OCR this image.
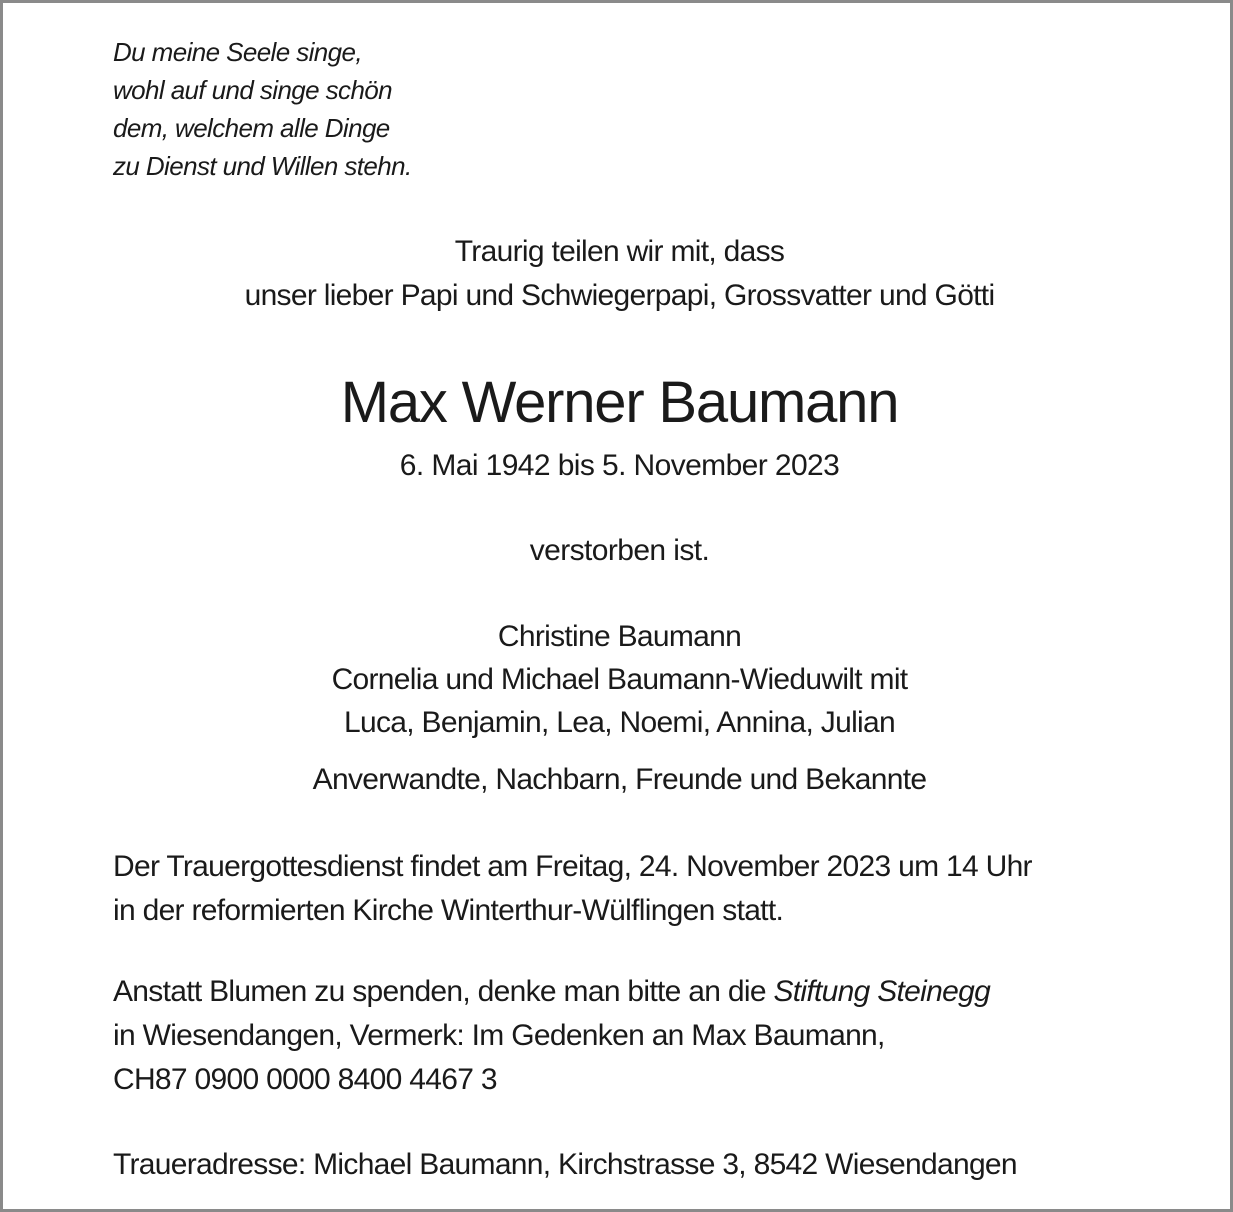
Du meine Seele singe,
wohl auf und singe schön
dem, welchem alle Dinge
zu Dienst und Willen stehn.
Traurig teilen wir mit, dass
unser lieber Papi und Schwiegerpapi, Grossvatter und Götti
Max Werner Baumann
6. Mai 1942 bis 5. November 2023
verstorben ist.
Christine Baumann
Cornelia und Michael Baumann-Wieduwilt mit
Luca, Benjamin, Lea, Noemi, Annina, Julian
Anverwandte, Nachbarn, Freunde und Bekannte
Der Trauergottesdienst findet am Freitag, 24. November 2023 um 14 Uhr
in der reformierten Kirche Winterthur-Wülflingen statt.
Anstatt Blumen zu spenden, denke man bitte an die Stiftung Steinegg
in Wiesendangen, Vermerk: Im Gedenken an Max Baumann,
CH87 0900 0000 8400 4467 3
Traueradresse: Michael Baumann, Kirchstrasse 3, 8542 Wiesendangen
